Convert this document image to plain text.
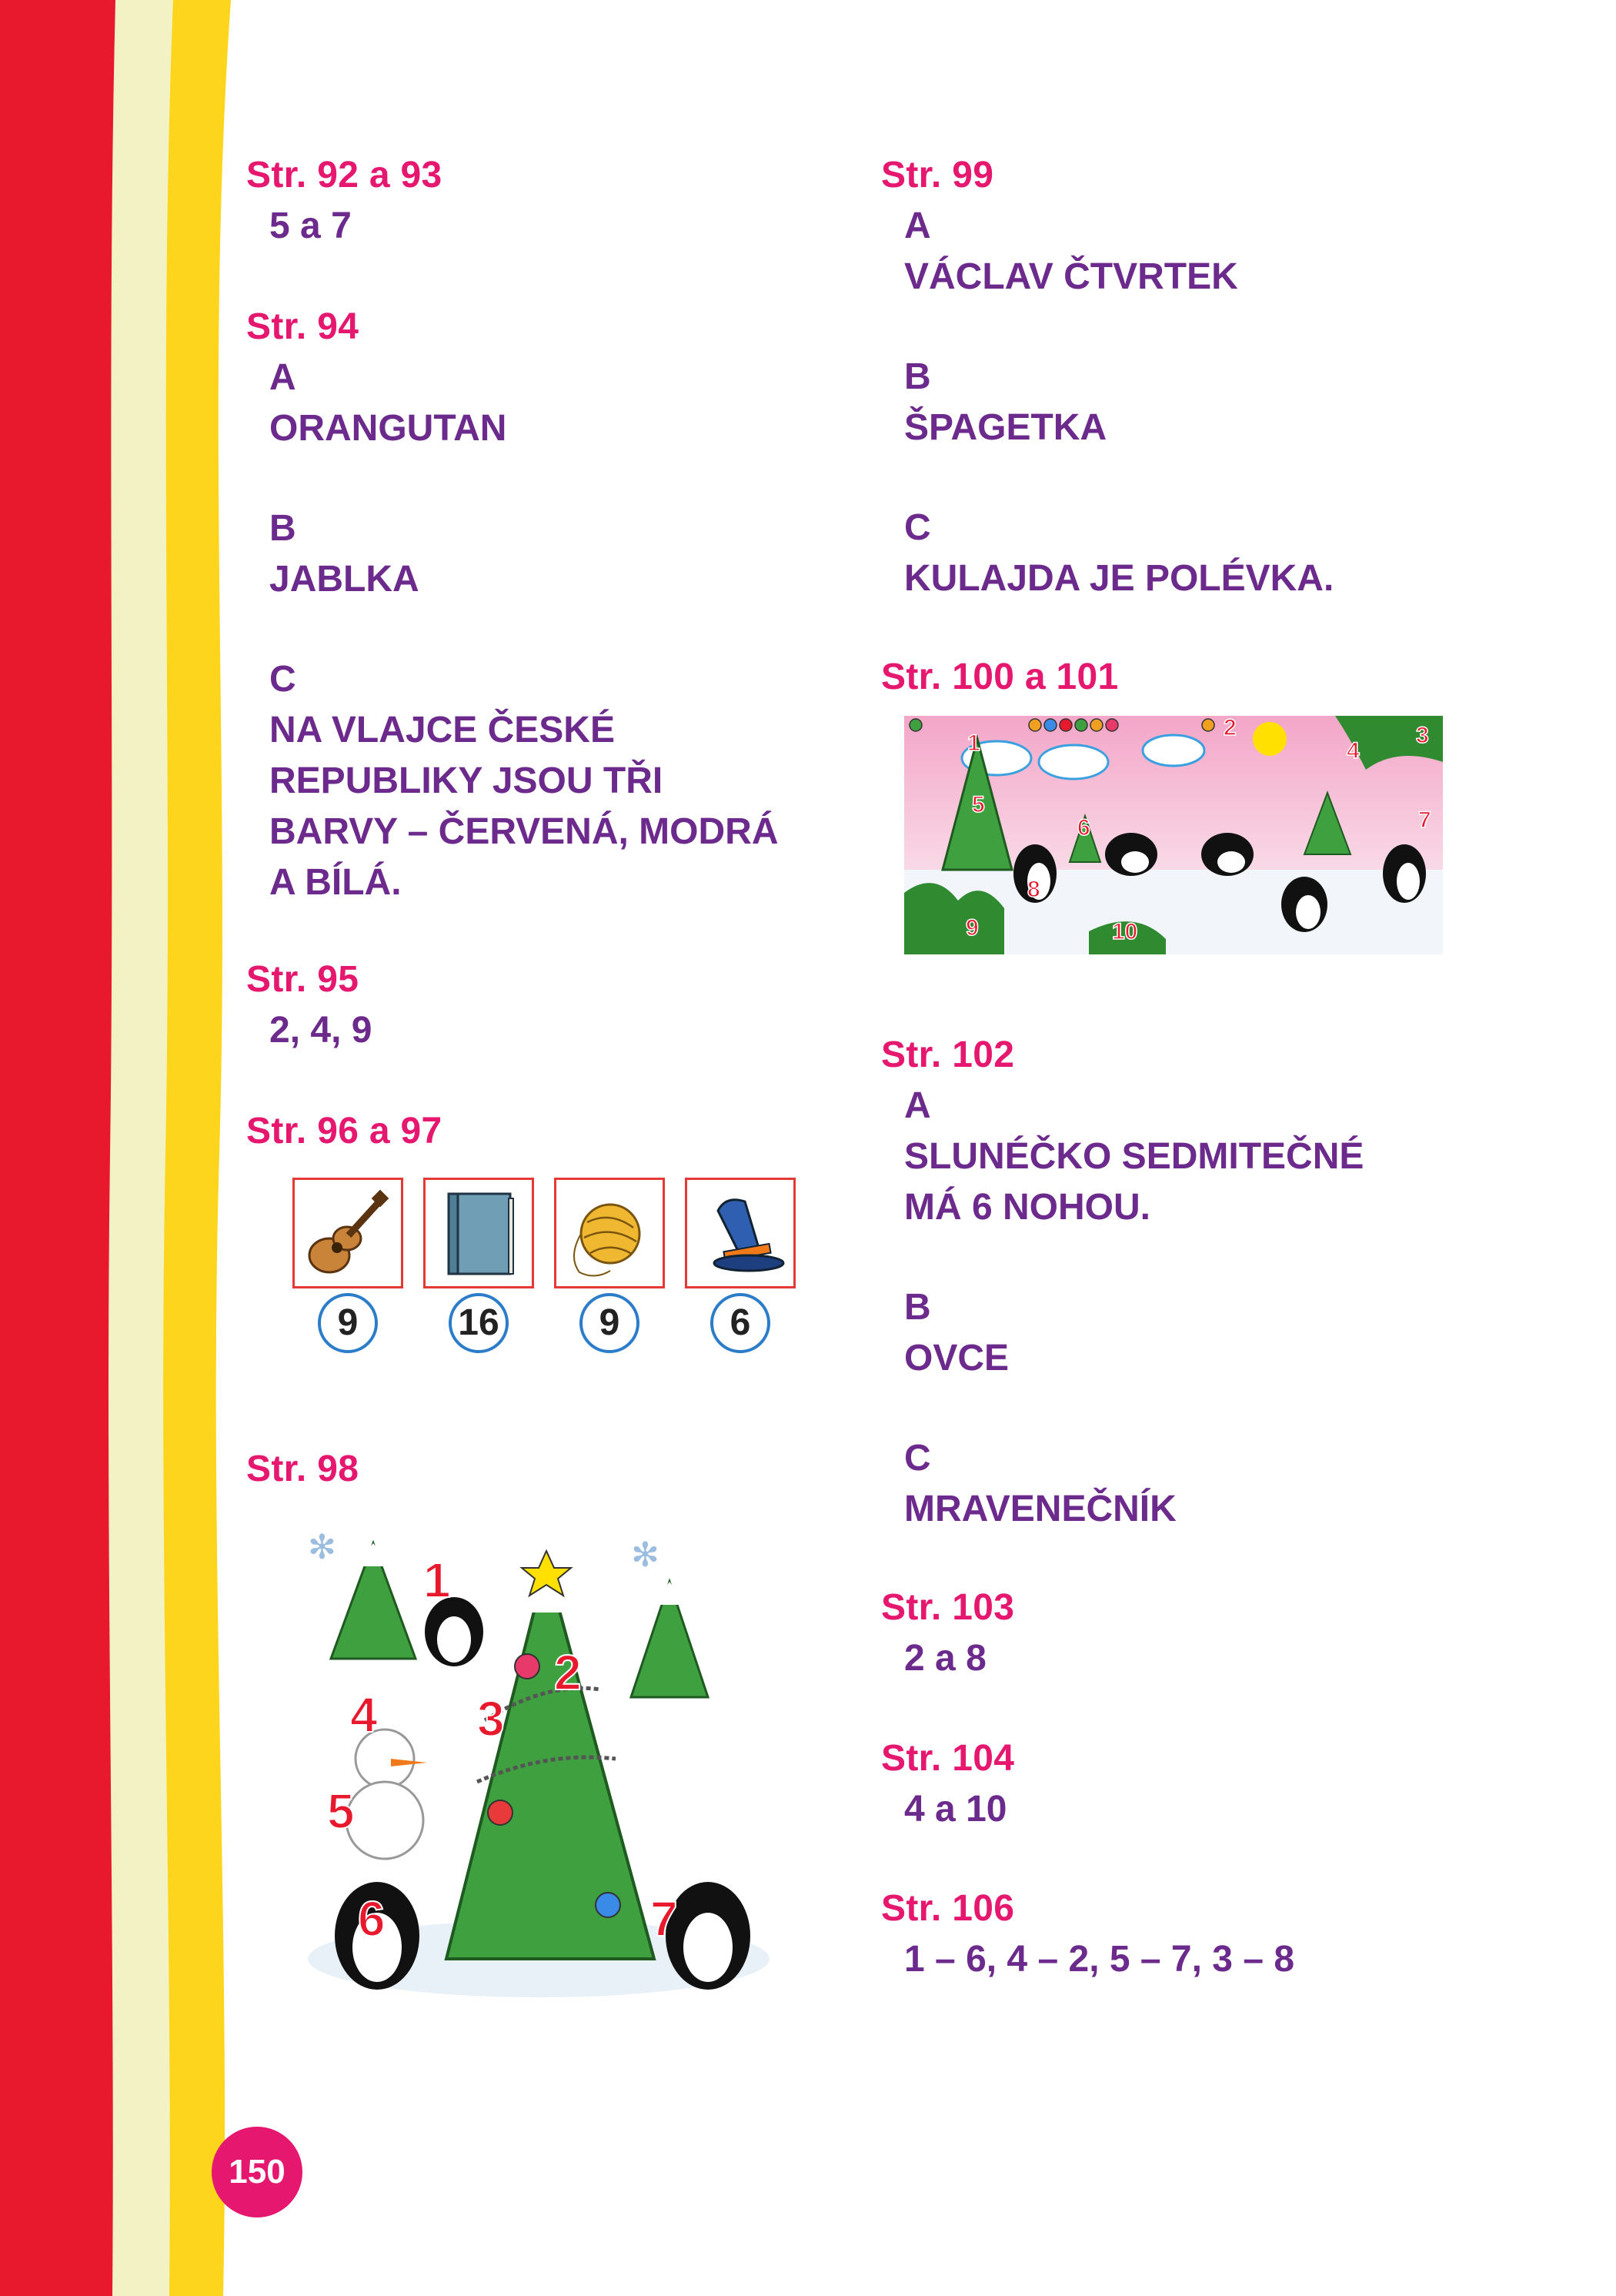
Str. 92 a 93
5 a 7
Str. 94
A
ORANGUTAN
B
JABLKA
C
NA VLAJCE ČESKÉ
REPUBLIKY JSOU TŘI
BARVY – ČERVENÁ, MODRÁ
A BÍLÁ.
Str. 95
2, 4, 9
Str. 96 a 97
9	16	9	6
Str. 98
✻	✻
1
2
3
4
5
6	7
Str. 99
A
VÁCLAV ČTVRTEK
B
ŠPAGETKA
C
KULAJDA JE POLÉVKA.
Str. 100 a 101
1
2	3
4
5
6	7
8
9	10
Str. 102
A
SLUNÉČKO SEDMITEČNÉ
MÁ 6 NOHOU.
B
OVCE
C
MRAVENEČNÍK
Str. 103
2 a 8
Str. 104
4 a 10
Str. 106
1 – 6, 4 – 2, 5 – 7, 3 – 8
150
